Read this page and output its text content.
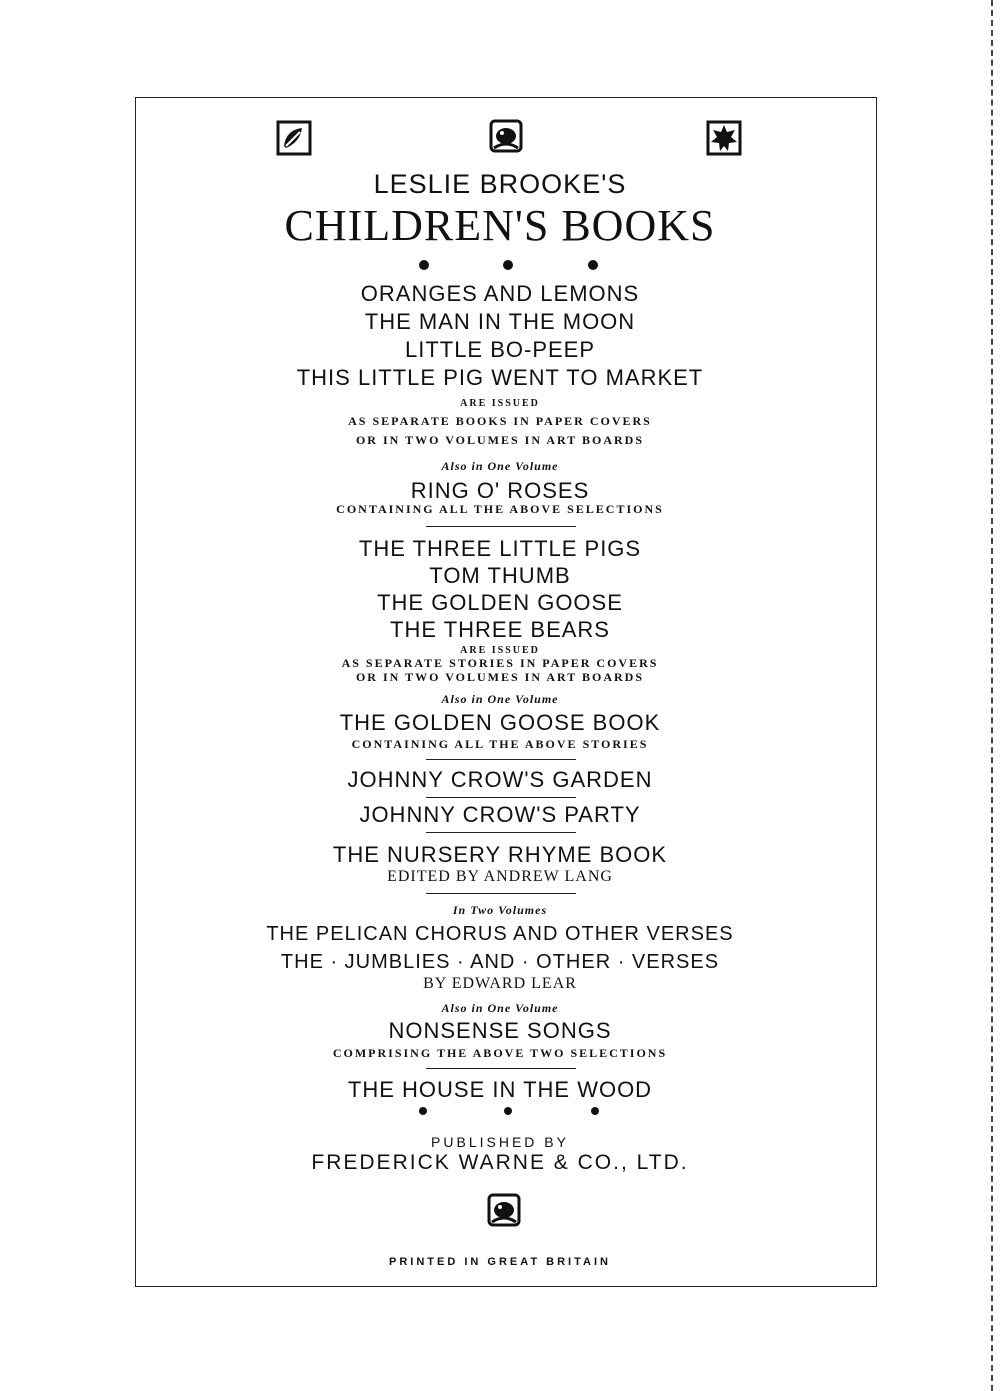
LESLIE BROOKE'S
CHILDREN'S BOOKS
ORANGES AND LEMONS
THE MAN IN THE MOON
LITTLE BO-PEEP
THIS LITTLE PIG WENT TO MARKET
ARE ISSUED
AS SEPARATE BOOKS IN PAPER COVERS
OR IN TWO VOLUMES IN ART BOARDS
Also in One Volume
RING O' ROSES
CONTAINING ALL THE ABOVE SELECTIONS
THE THREE LITTLE PIGS
TOM THUMB
THE GOLDEN GOOSE
THE THREE BEARS
ARE ISSUED
AS SEPARATE STORIES IN PAPER COVERS
OR IN TWO VOLUMES IN ART BOARDS
Also in One Volume
THE GOLDEN GOOSE BOOK
CONTAINING ALL THE ABOVE STORIES
JOHNNY CROW'S GARDEN
JOHNNY CROW'S PARTY
THE NURSERY RHYME BOOK
EDITED BY ANDREW LANG
In Two Volumes
THE PELICAN CHORUS AND OTHER VERSES
THE · JUMBLIES · AND · OTHER · VERSES
BY EDWARD LEAR
Also in One Volume
NONSENSE SONGS
COMPRISING THE ABOVE TWO SELECTIONS
THE HOUSE IN THE WOOD
PUBLISHED BY
FREDERICK WARNE & CO., LTD.
PRINTED IN GREAT BRITAIN
